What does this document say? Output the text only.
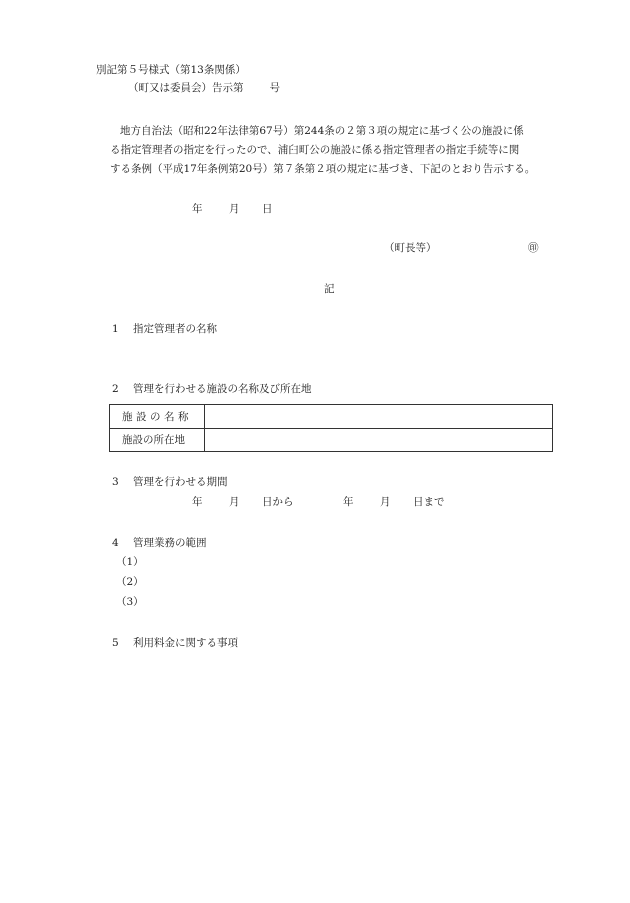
別記第５号様式（第13条関係）
（町又は委員会）告示第 号
地方自治法（昭和22年法律第67号）第244条の２第３項の規定に基づく公の施設に係
る指定管理者の指定を行ったので、浦臼町公の施設に係る指定管理者の指定手続等に関
する条例（平成17年条例第20号）第７条第２項の規定に基づき、下記のとおり告示する。
年	月 日
（町長等）	㊞
記
1 指定管理者の名称
2 管理を行わせる施設の名称及び所在地
施設の名称	
施設の所在地	
3 管理を行わせる期間
年	月 日から	年	月 日まで
4 管理業務の範囲
（1）
（2）
（3）
5 利用料金に関する事項
